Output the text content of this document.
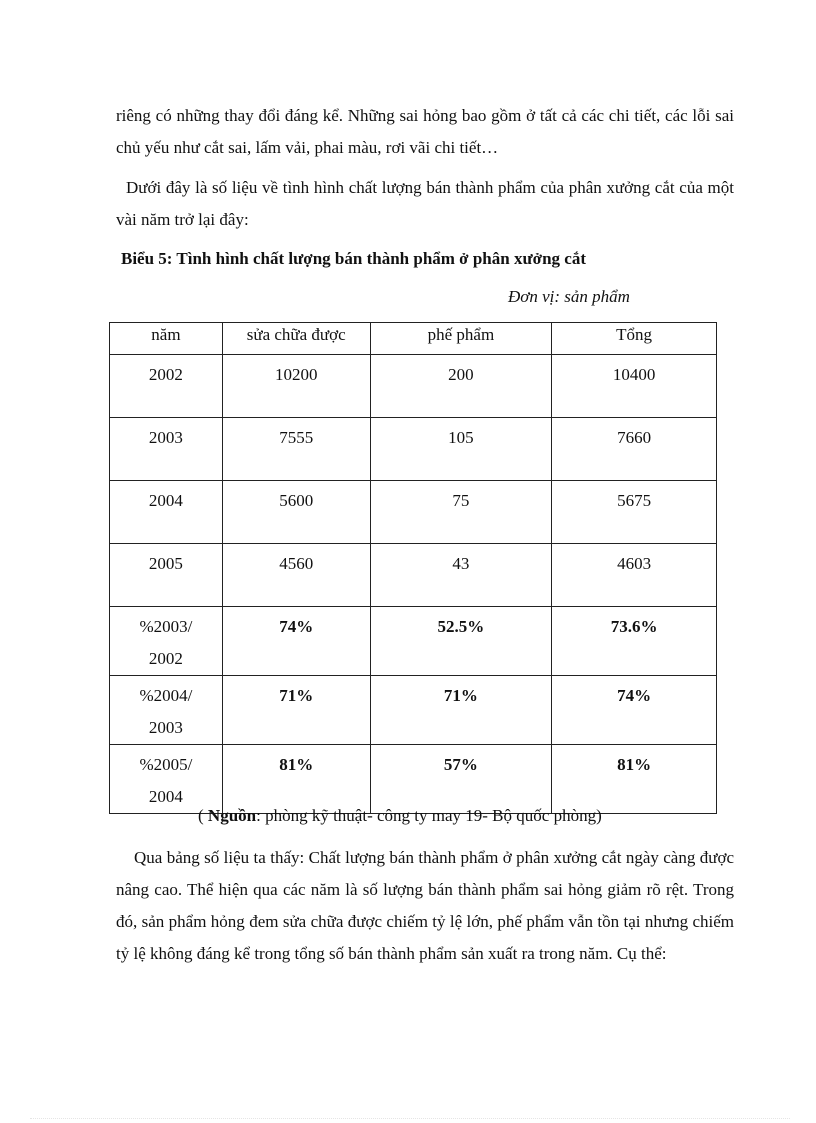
riêng có những thay đổi đáng kể. Những sai hỏng bao gồm ở tất cả các chi tiết, các lỗi sai chủ yếu như cắt sai, lấm vải, phai màu, rơi vãi chi tiết…

Dưới đây là số liệu về tình hình chất lượng bán thành phẩm của phân xưởng cắt của một vài năm trở lại đây:

Biểu 5: Tình hình chất lượng bán thành phẩm ở phân xưởng cắt

Đơn vị: sản phẩm
năm	sửa chữa được	phế phẩm	Tổng
2002	10200	200	10400
2003	7555	105	7660
2004	5600	75	5675
2005	4560	43	4603
%2003/
2002	74%	52.5%	73.6%
%2004/
2003	71%	71%	74%
%2005/
2004	81%	57%	81%
( Nguồn: phòng kỹ thuật- công ty may 19- Bộ quốc phòng)

Qua bảng số liệu ta thấy: Chất lượng bán thành phẩm ở phân xưởng cắt ngày càng được nâng cao. Thể hiện qua các năm là số lượng bán thành phẩm sai hỏng giảm rõ rệt. Trong đó, sản phẩm hỏng đem sửa chữa được chiếm tỷ lệ lớn, phế phẩm vẫn tồn tại nhưng chiếm tỷ lệ không đáng kể trong tổng số bán thành phẩm sản xuất ra trong năm. Cụ thể:
